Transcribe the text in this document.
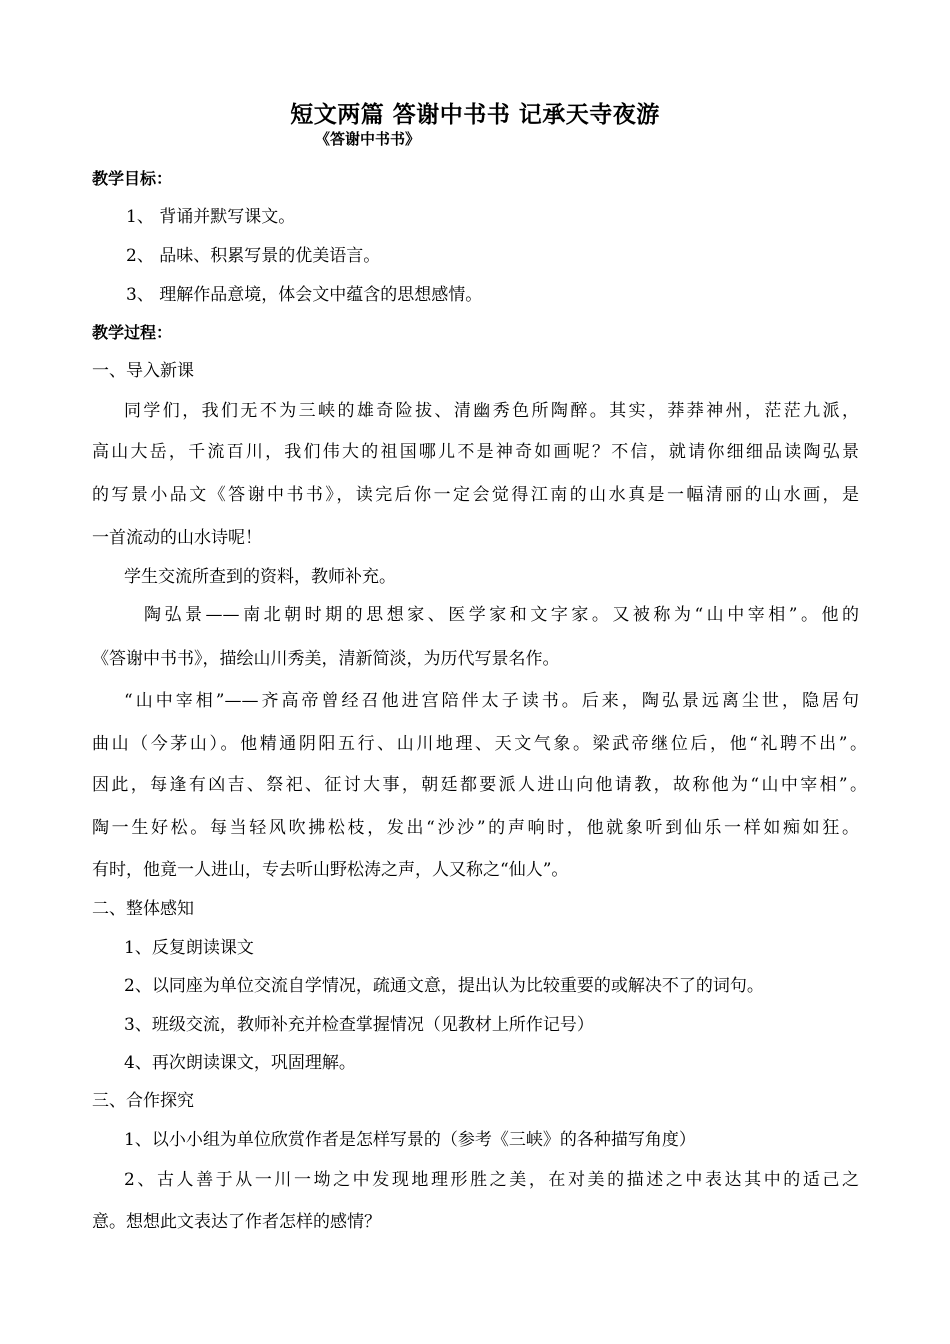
短文两篇 答谢中书书 记承天寺夜游
《答谢中书书》
教学目标：
1、 背诵并默写课文。
2、 品味、积累写景的优美语言。
3、 理解作品意境，体会文中蕴含的思想感情。
教学过程：
一、导入新课
同学们，我们无不为三峡的雄奇险拔、清幽秀色所陶醉。其实，莽莽神州，茫茫九派，
高山大岳，千流百川，我们伟大的祖国哪儿不是神奇如画呢？不信，就请你细细品读陶弘景
的写景小品文《答谢中书书》，读完后你一定会觉得江南的山水真是一幅清丽的山水画，是
一首流动的山水诗呢！
学生交流所查到的资料，教师补充。
陶弘景——南北朝时期的思想家、医学家和文字家。又被称为“山中宰相”。他的
《答谢中书书》，描绘山川秀美，清新简淡，为历代写景名作。
“山中宰相”——齐高帝曾经召他进宫陪伴太子读书。后来，陶弘景远离尘世，隐居句
曲山（今茅山）。他精通阴阳五行、山川地理、天文气象。梁武帝继位后，他“礼聘不出”。
因此，每逢有凶吉、祭祀、征讨大事，朝廷都要派人进山向他请教，故称他为“山中宰相”。
陶一生好松。每当轻风吹拂松枝，发出“沙沙”的声响时，他就象听到仙乐一样如痴如狂。
有时，他竟一人进山，专去听山野松涛之声，人又称之“仙人”。
二、整体感知
1、反复朗读课文
2、以同座为单位交流自学情况，疏通文意，提出认为比较重要的或解决不了的词句。
3、班级交流，教师补充并检查掌握情况（见教材上所作记号）
4、再次朗读课文，巩固理解。
三、合作探究
1、以小小组为单位欣赏作者是怎样写景的（参考《三峡》的各种描写角度）
2、古人善于从一川一坳之中发现地理形胜之美，在对美的描述之中表达其中的适己之
意。想想此文表达了作者怎样的感情？
